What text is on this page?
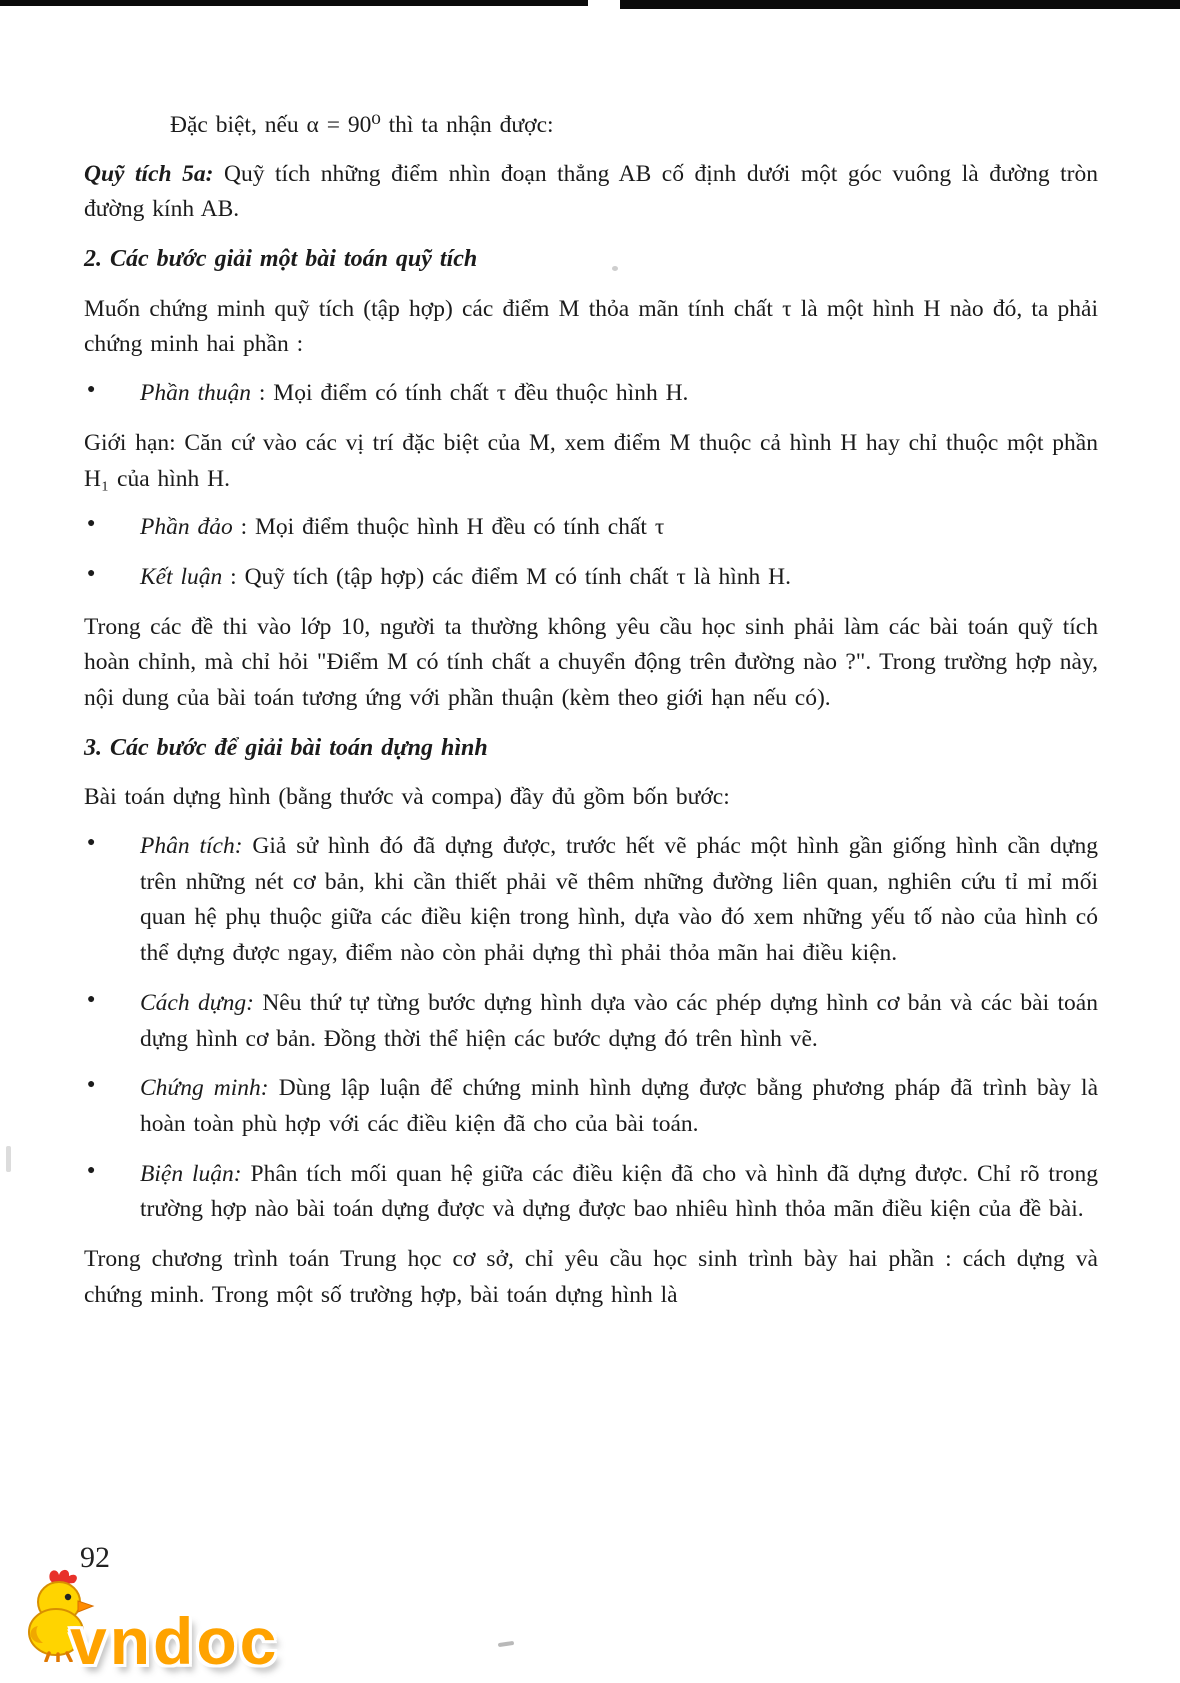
Đặc biệt, nếu α = 90⁰ thì ta nhận được:

Quỹ tích 5a: Quỹ tích những điểm nhìn đoạn thẳng AB cố định dưới một góc vuông là đường tròn đường kính AB.

2. Các bước giải một bài toán quỹ tích

Muốn chứng minh quỹ tích (tập hợp) các điểm M thỏa mãn tính chất τ là một hình H nào đó, ta phải chứng minh hai phần :

● Phần thuận : Mọi điểm có tính chất τ đều thuộc hình H.

Giới hạn: Căn cứ vào các vị trí đặc biệt của M, xem điểm M thuộc cả hình H hay chỉ thuộc một phần H₁ của hình H.

● Phần đảo : Mọi điểm thuộc hình H đều có tính chất τ
● Kết luận : Quỹ tích (tập hợp) các điểm M có tính chất τ là hình H.

Trong các đề thi vào lớp 10, người ta thường không yêu cầu học sinh phải làm các bài toán quỹ tích hoàn chỉnh, mà chỉ hỏi "Điểm M có tính chất a chuyển động trên đường nào ?". Trong trường hợp này, nội dung của bài toán tương ứng với phần thuận (kèm theo giới hạn nếu có).

3. Các bước để giải bài toán dựng hình

Bài toán dựng hình (bằng thước và compa) đầy đủ gồm bốn bước:

● Phân tích: Giả sử hình đó đã dựng được, trước hết vẽ phác một hình gần giống hình cần dựng trên những nét cơ bản, khi cần thiết phải vẽ thêm những đường liên quan, nghiên cứu tỉ mỉ mối quan hệ phụ thuộc giữa các điều kiện trong hình, dựa vào đó xem những yếu tố nào của hình có thể dựng được ngay, điểm nào còn phải dựng thì phải thỏa mãn hai điều kiện.
● Cách dựng: Nêu thứ tự từng bước dựng hình dựa vào các phép dựng hình cơ bản và các bài toán dựng hình cơ bản. Đồng thời thể hiện các bước dựng đó trên hình vẽ.
● Chứng minh: Dùng lập luận để chứng minh hình dựng được bằng phương pháp đã trình bày là hoàn toàn phù hợp với các điều kiện đã cho của bài toán.
● Biện luận: Phân tích mối quan hệ giữa các điều kiện đã cho và hình đã dựng được. Chỉ rõ trong trường hợp nào bài toán dựng được và dựng được bao nhiêu hình thỏa mãn điều kiện của đề bài.

Trong chương trình toán Trung học cơ sở, chỉ yêu cầu học sinh trình bày hai phần : cách dựng và chứng minh. Trong một số trường hợp, bài toán dựng hình là

92
vndoc
